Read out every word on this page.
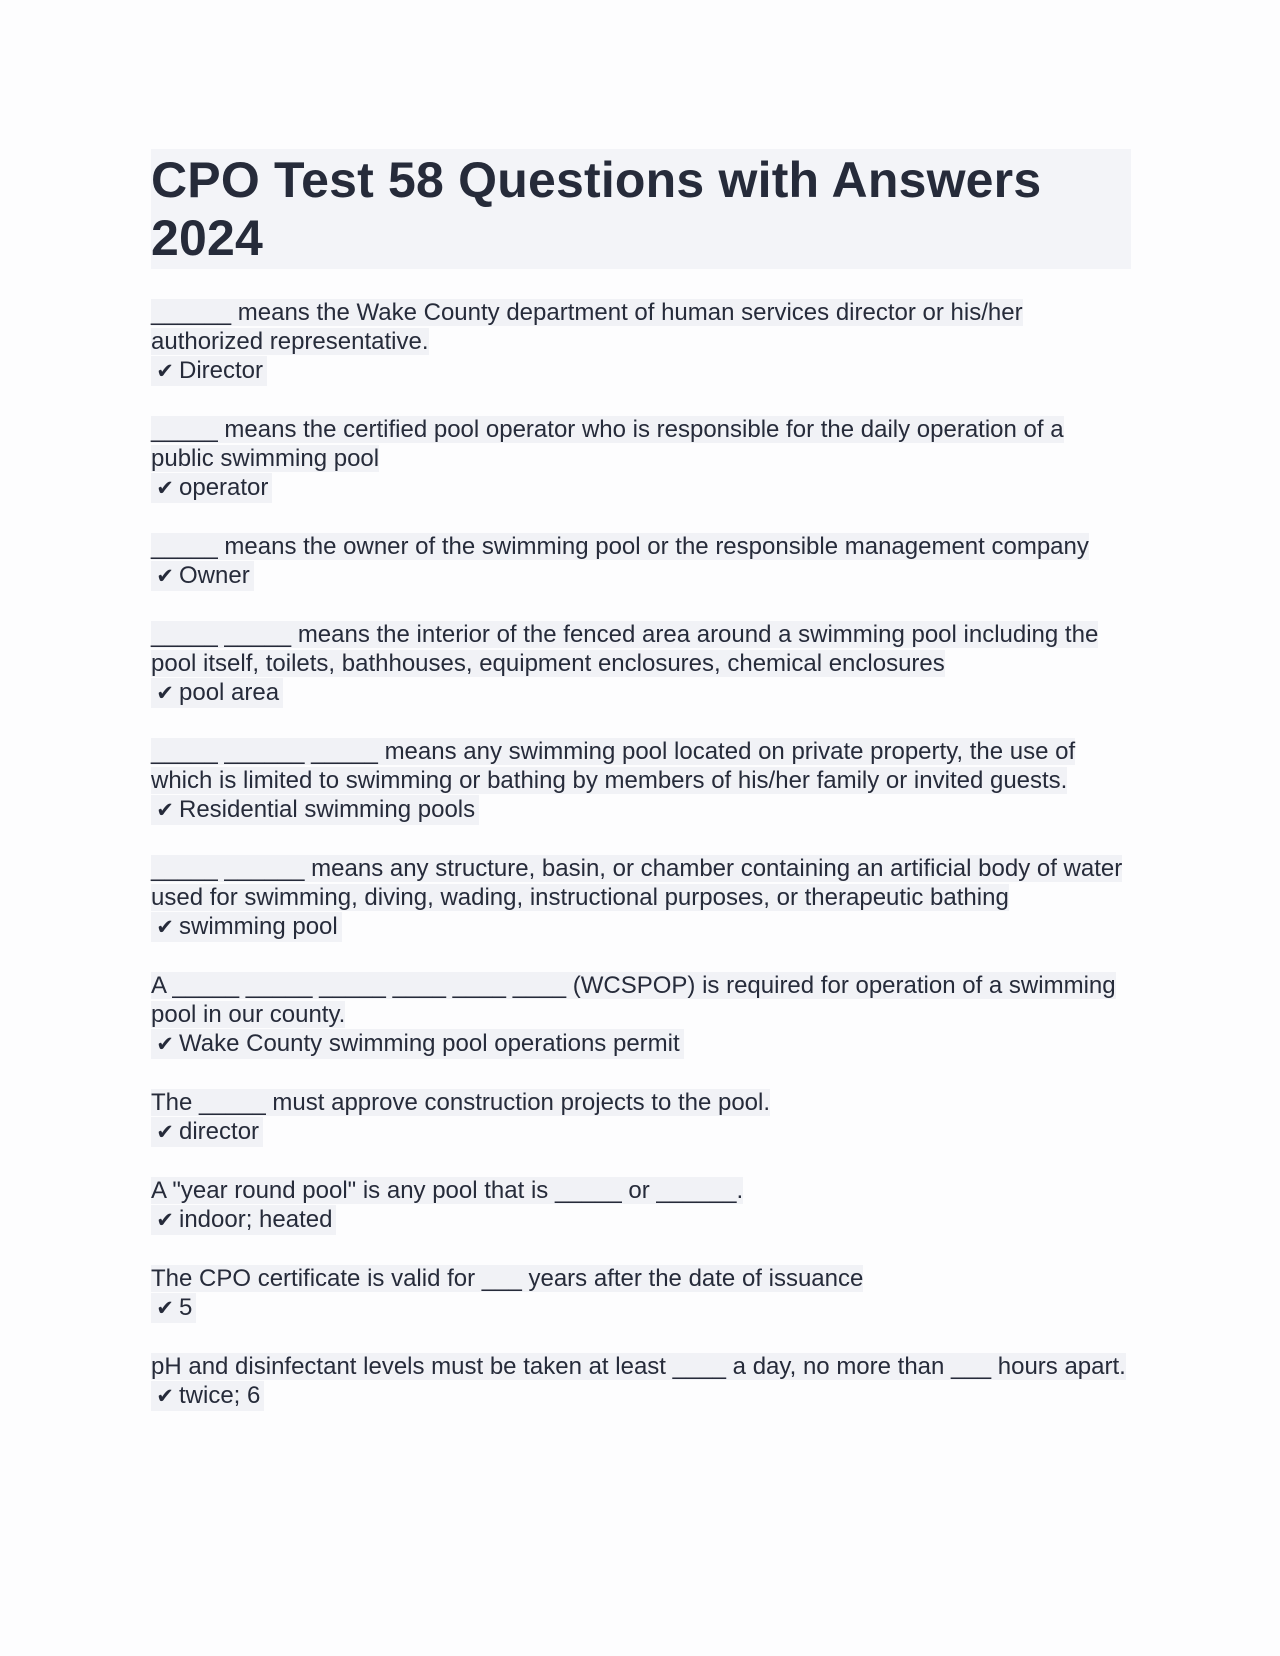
CPO Test 58 Questions with Answers 2024
______ means the Wake County department of human services director or his/her authorized representative.
✔ Director
_____ means the certified pool operator who is responsible for the daily operation of a public swimming pool
✔ operator
_____ means the owner of the swimming pool or the responsible management company
✔ Owner
_____ _____ means the interior of the fenced area around a swimming pool including the pool itself, toilets, bathhouses, equipment enclosures, chemical enclosures
✔ pool area
_____ ______ _____ means any swimming pool located on private property, the use of which is limited to swimming or bathing by members of his/her family or invited guests.
✔ Residential swimming pools
_____ ______ means any structure, basin, or chamber containing an artificial body of water used for swimming, diving, wading, instructional purposes, or therapeutic bathing
✔ swimming pool
A _____ _____ _____ ____ ____ ____ (WCSPOP) is required for operation of a swimming pool in our county.
✔ Wake County swimming pool operations permit
The _____ must approve construction projects to the pool.
✔ director
A "year round pool" is any pool that is _____ or ______.
✔ indoor; heated
The CPO certificate is valid for ___ years after the date of issuance
✔ 5
pH and disinfectant levels must be taken at least ____ a day, no more than ___ hours apart.
✔ twice; 6
